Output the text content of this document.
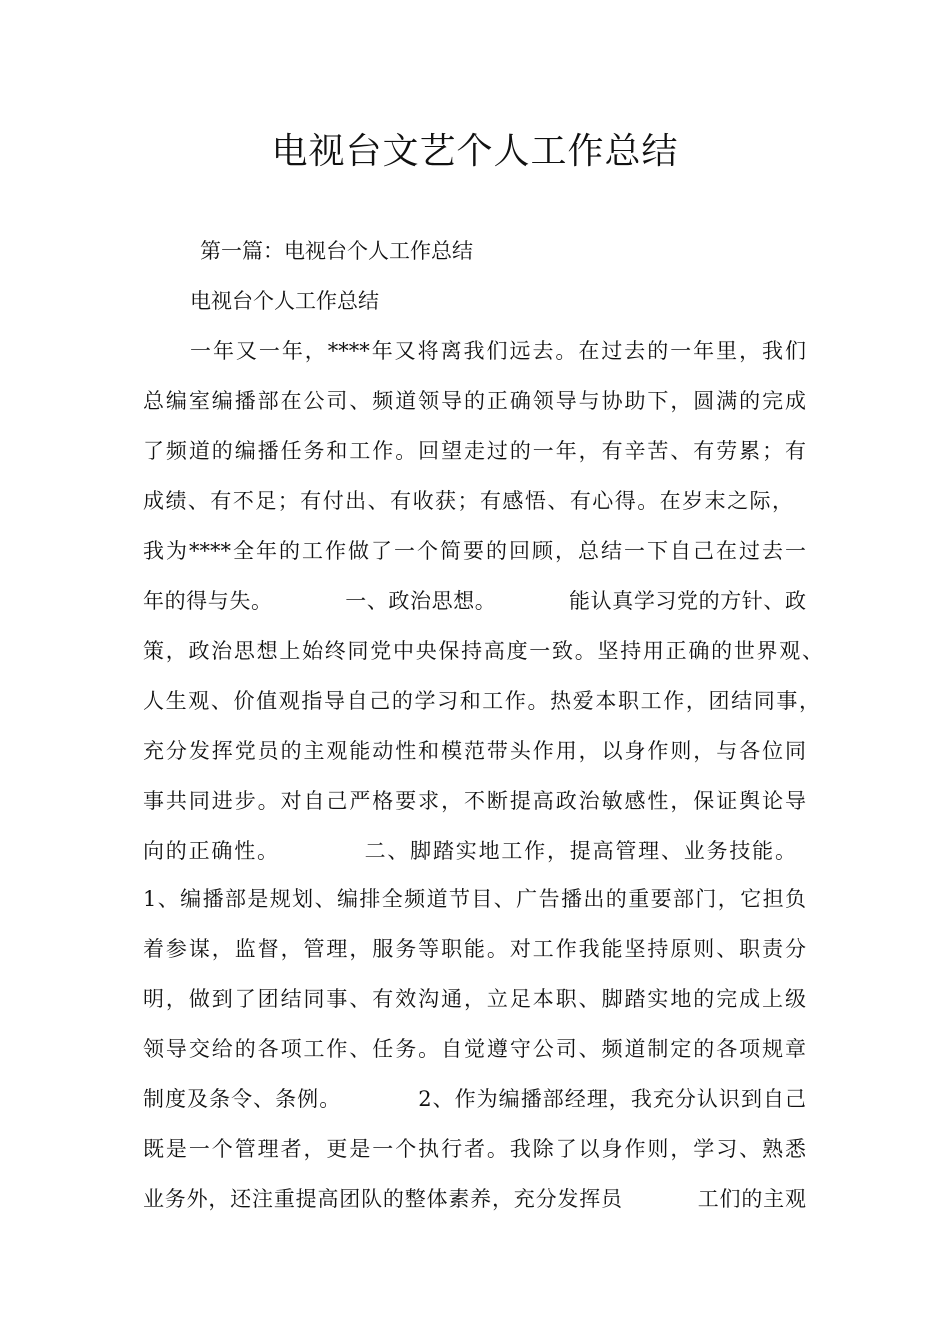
电视台文艺个人工作总结

第一篇：电视台个人工作总结

电视台个人工作总结

一年又一年，****年又将离我们远去。在过去的一年里，我们

总编室编播部在公司、频道领导的正确领导与协助下，圆满的完成

了频道的编播任务和工作。回望走过的一年，有辛苦、有劳累；有

成绩、有不足；有付出、有收获；有感悟、有心得。在岁末之际，

我为****全年的工作做了一个简要的回顾，总结一下自己在过去一

年的得与失。          一、政治思想。          能认真学习党的方针、政

策，政治思想上始终同党中央保持高度一致。坚持用正确的世界观、

人生观、价值观指导自己的学习和工作。热爱本职工作，团结同事，

充分发挥党员的主观能动性和模范带头作用，以身作则，与各位同

事共同进步。对自己严格要求，不断提高政治敏感性，保证舆论导

向的正确性。          二、脚踏实地工作，提高管理、业务技能。

1、编播部是规划、编排全频道节目、广告播出的重要部门，它担负

着参谋，监督，管理，服务等职能。对工作我能坚持原则、职责分

明，做到了团结同事、有效沟通，立足本职、脚踏实地的完成上级

领导交给的各项工作、任务。自觉遵守公司、频道制定的各项规章

制度及条令、条例。          2、作为编播部经理，我充分认识到自己

既是一个管理者，更是一个执行者。我除了以身作则，学习、熟悉

业务外，还注重提高团队的整体素养，充分发挥员          工们的主观
